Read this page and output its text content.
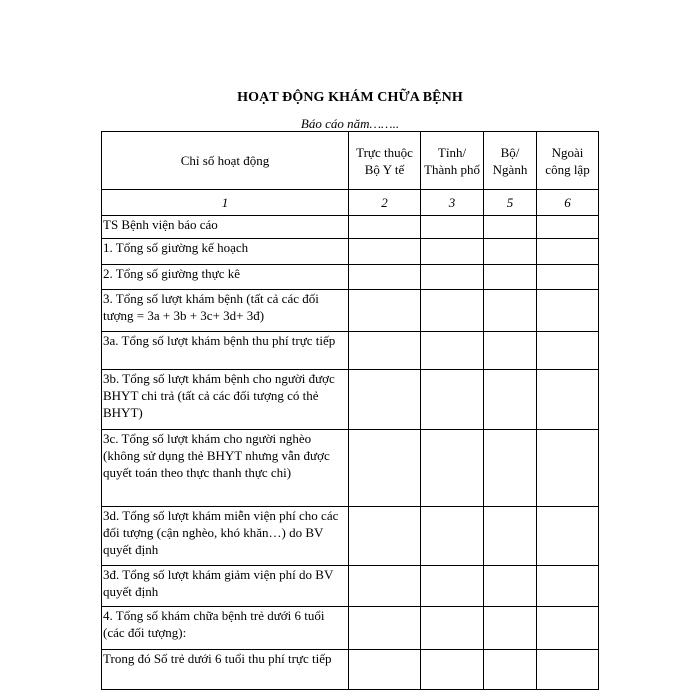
HOẠT ĐỘNG KHÁM CHỮA BỆNH
Báo cáo năm……..
Chỉ số hoạt động	Trực thuộc Bộ Y tế	Tỉnh/ Thành phố	Bộ/ Ngành	Ngoài công lập
1	2	3	5	6
TS Bệnh viện báo cáo				
1. Tổng số giường kế hoạch				
2. Tổng số giường thực kê				
3. Tổng số lượt khám bệnh (tất cả các đối tượng = 3a + 3b + 3c+ 3d+ 3đ)				
3a. Tổng số lượt khám bệnh thu phí trực tiếp				
3b. Tổng số lượt khám bệnh cho người được BHYT chi trả (tất cả các đối tượng có thẻ BHYT)				
3c. Tổng số lượt khám cho người nghèo (không sử dụng thẻ BHYT nhưng vẫn được quyết toán theo thực thanh thực chi)				
3d. Tổng số lượt khám miễn viện phí cho các đối tượng (cận nghèo, khó khăn…) do BV quyết định				
3đ. Tổng số lượt khám giảm viện phí do BV quyết định				
4. Tổng số khám chữa bệnh trẻ dưới 6 tuổi (các đối tượng):				
Trong đó Số trẻ dưới 6 tuổi thu phí trực tiếp				
